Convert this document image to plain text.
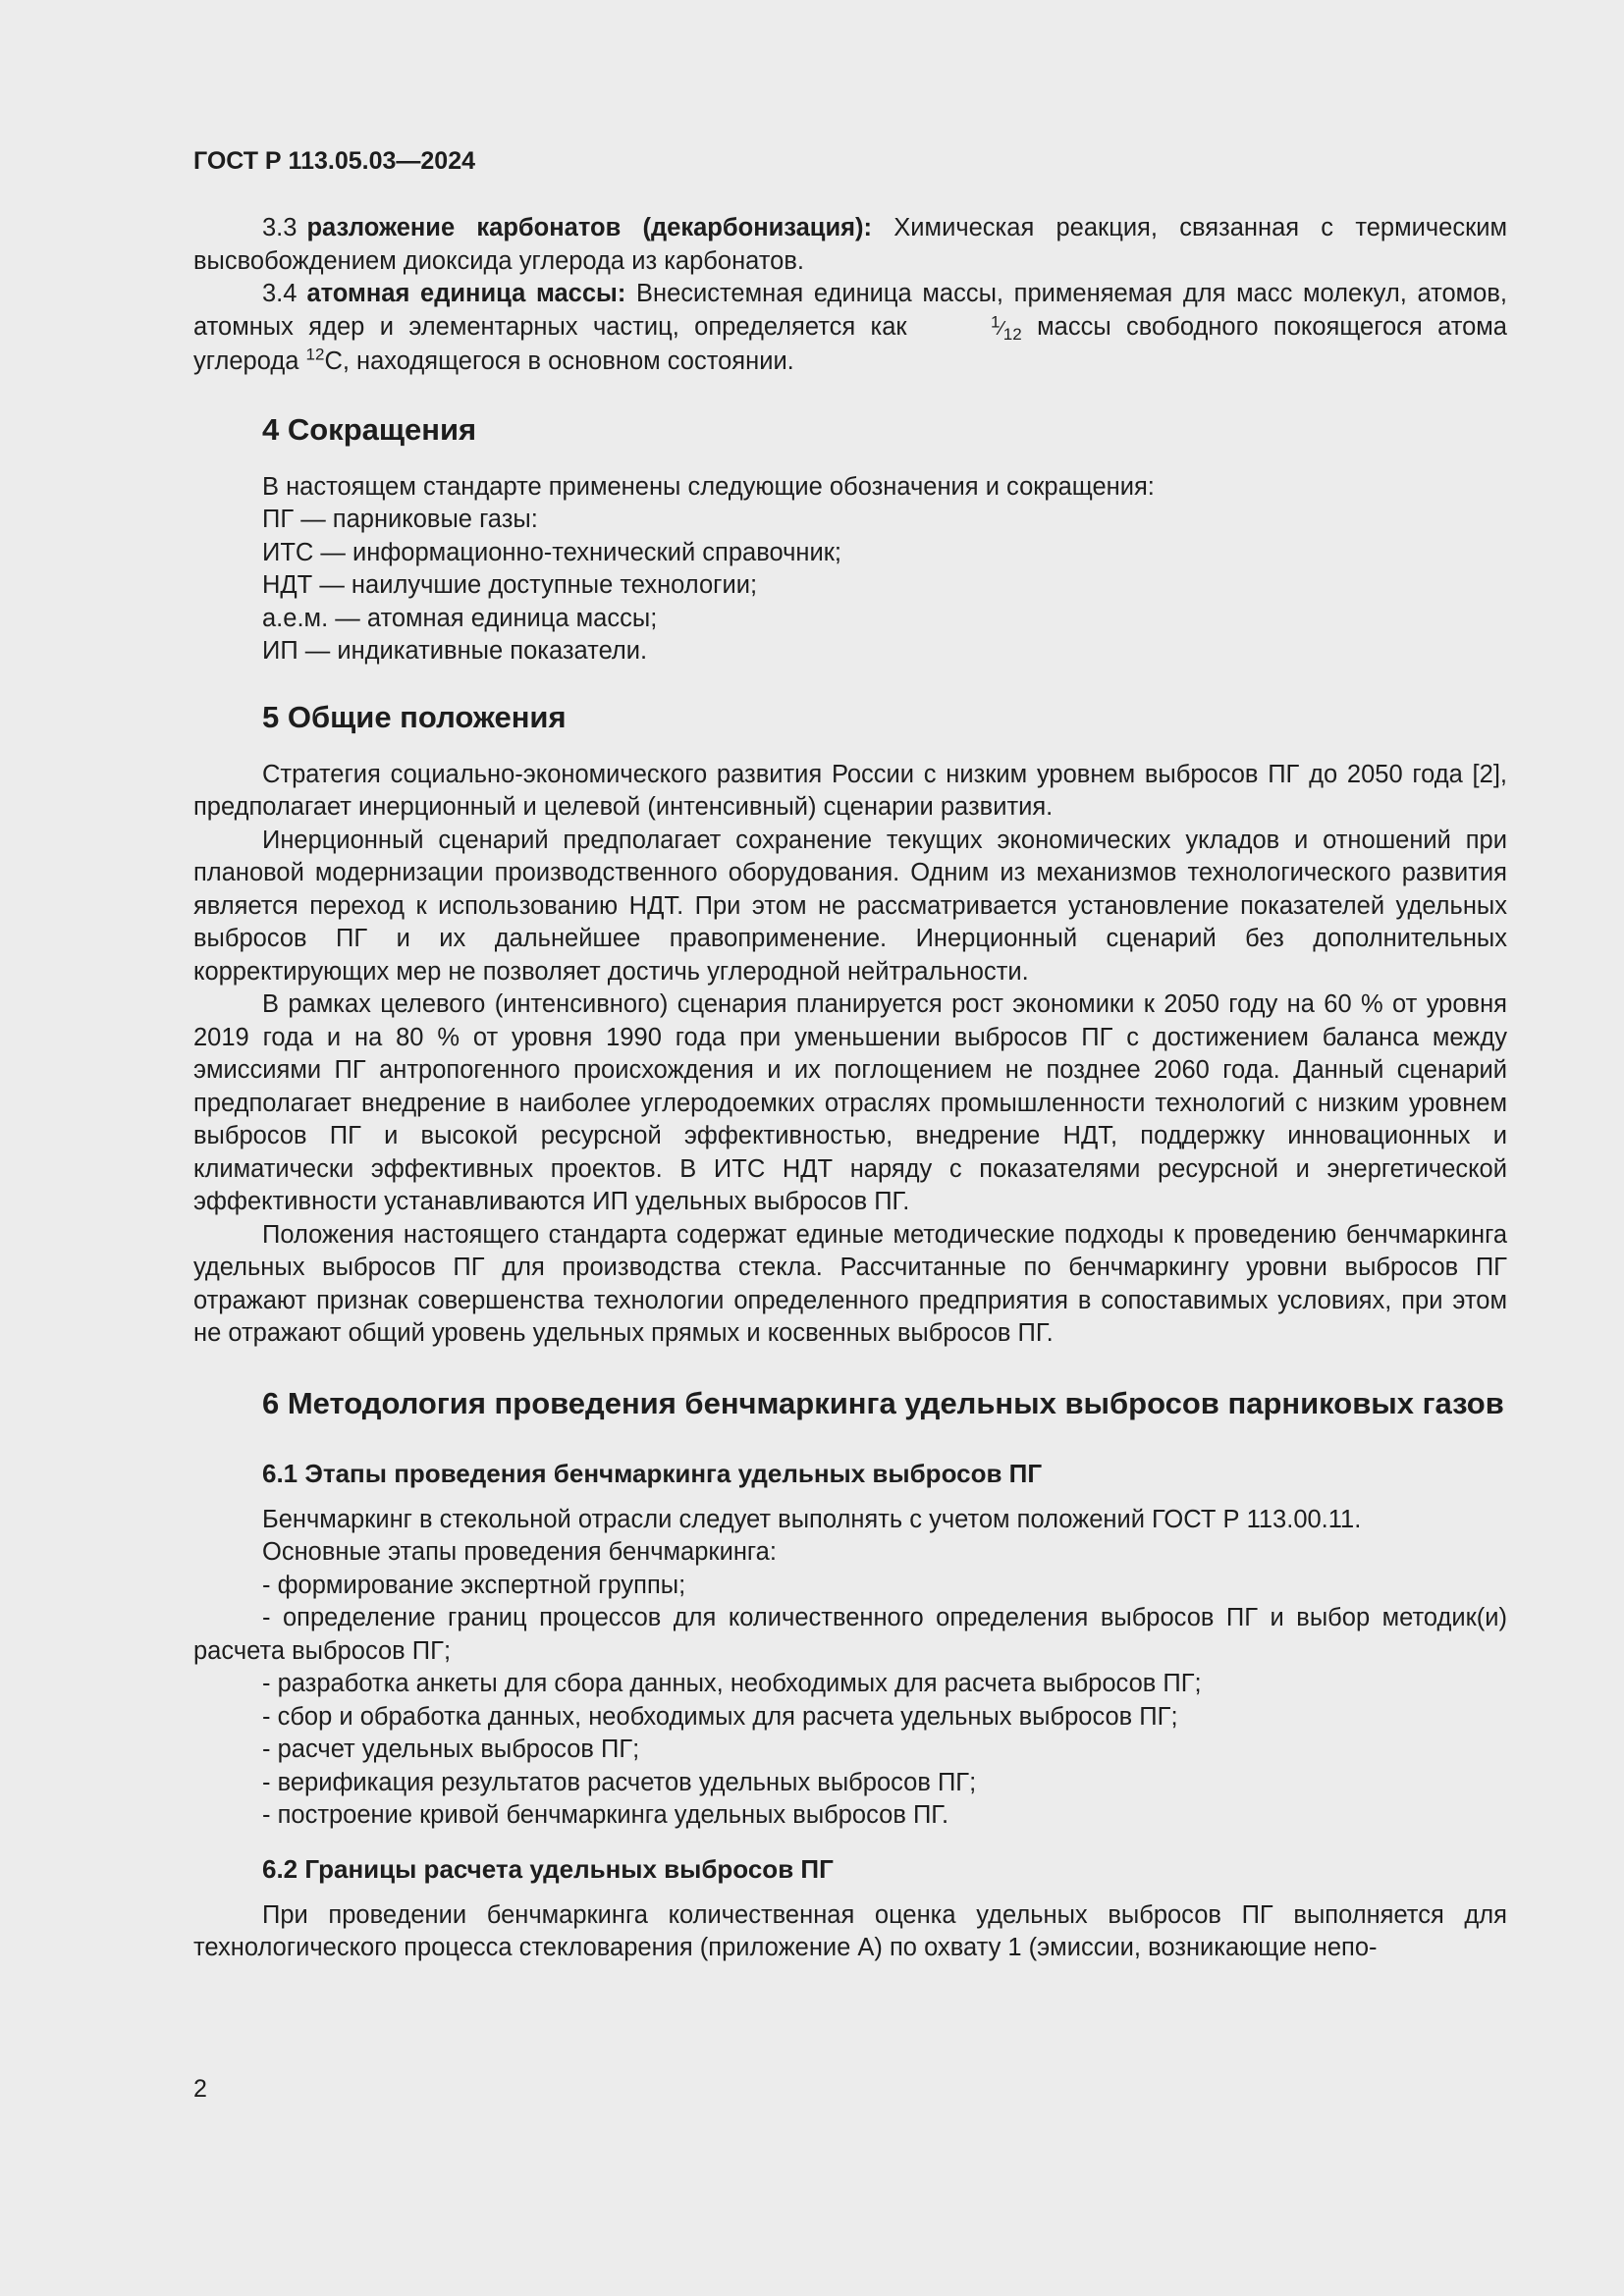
ГОСТ Р 113.05.03—2024

3.3 разложение карбонатов (декарбонизация): Химическая реакция, связанная с термическим высвобождением диоксида углерода из карбонатов.

3.4 атомная единица массы: Внесистемная единица массы, применяемая для масс молекул, атомов, атомных ядер и элементарных частиц, определяется как	$^1⁄_{12}$ массы свободного покоящегося атома углерода $^{12}$С, находящегося в основном состоянии.

4 Сокращения

В настоящем стандарте применены следующие обозначения и сокращения:

ПГ — парниковые газы:

ИТС — информационно-технический справочник;

НДТ — наилучшие доступные технологии;

а.е.м. — атомная единица массы;

ИП — индикативные показатели.

5 Общие положения

Стратегия социально-экономического развития России с низким уровнем выбросов ПГ до 2050 года [2], предполагает инерционный и целевой (интенсивный) сценарии развития.

Инерционный сценарий предполагает сохранение текущих экономических укладов и отношений при плановой модернизации производственного оборудования. Одним из механизмов технологического развития является переход к использованию НДТ. При этом не рассматривается установление показателей удельных выбросов ПГ и их дальнейшее правоприменение. Инерционный сценарий без дополнительных корректирующих мер не позволяет достичь углеродной нейтральности.

В рамках целевого (интенсивного) сценария планируется рост экономики к 2050 году на 60 % от уровня 2019 года и на 80 % от уровня 1990 года при уменьшении выбросов ПГ с достижением баланса между эмиссиями ПГ антропогенного происхождения и их поглощением не позднее 2060 года. Данный сценарий предполагает внедрение в наиболее углеродоемких отраслях промышленности технологий с низким уровнем выбросов ПГ и высокой ресурсной эффективностью, внедрение НДТ, поддержку инновационных и климатически эффективных проектов. В ИТС НДТ наряду с показателями ресурсной и энергетической эффективности устанавливаются ИП удельных выбросов ПГ.

Положения настоящего стандарта содержат единые методические подходы к проведению бенчмаркинга удельных выбросов ПГ для производства стекла. Рассчитанные по бенчмаркингу уровни выбросов ПГ отражают признак совершенства технологии определенного предприятия в сопоставимых условиях, при этом не отражают общий уровень удельных прямых и косвенных выбросов ПГ.

6 Методология проведения бенчмаркинга удельных выбросов парниковых газов
6.1 Этапы проведения бенчмаркинга удельных выбросов ПГ

Бенчмаркинг в стекольной отрасли следует выполнять с учетом положений ГОСТ Р 113.00.11.

Основные этапы проведения бенчмаркинга:

- формирование экспертной группы;

- определение границ процессов для количественного определения выбросов ПГ и выбор методик(и) расчета выбросов ПГ;

- разработка анкеты для сбора данных, необходимых для расчета выбросов ПГ;

- сбор и обработка данных, необходимых для расчета удельных выбросов ПГ;

- расчет удельных выбросов ПГ;

- верификация результатов расчетов удельных выбросов ПГ;

- построение кривой бенчмаркинга удельных выбросов ПГ.

6.2 Границы расчета удельных выбросов ПГ

При проведении бенчмаркинга количественная оценка удельных выбросов ПГ выполняется для технологического процесса стекловарения (приложение А) по охвату 1 (эмиссии, возникающие непо-

2
